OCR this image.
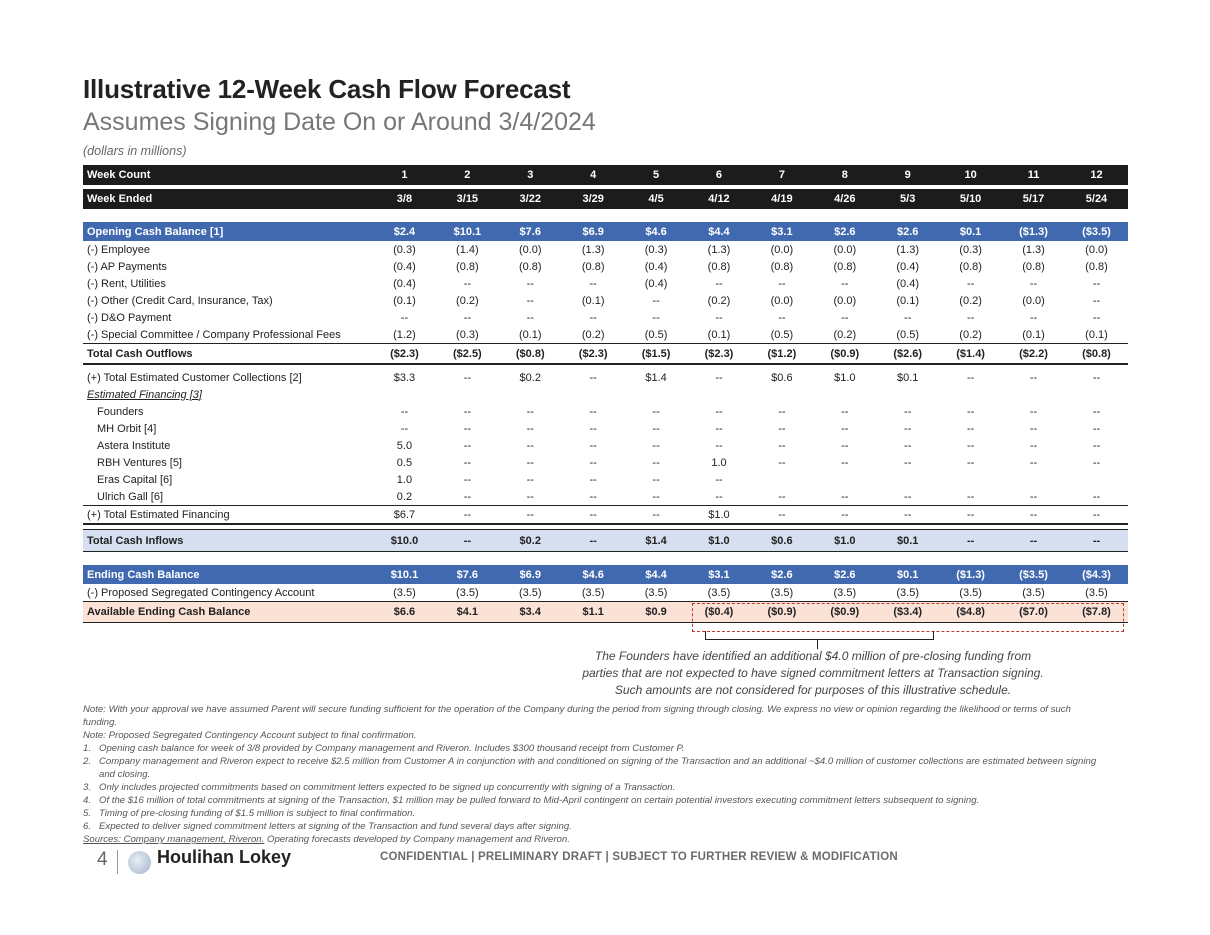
Illustrative 12-Week Cash Flow Forecast
Assumes Signing Date On or Around 3/4/2024
(dollars in millions)
Week Count	1	2	3	4	5	6	7	8	9	10	11	12

Week Ended	3/8	3/15	3/22	3/29	4/5	4/12	4/19	4/26	5/3	5/10	5/17	5/24

Opening Cash Balance [1]	$2.4	$10.1	$7.6	$6.9	$4.6	$4.4	$3.1	$2.6	$2.6	$0.1	($1.3)	($3.5)
(-) Employee	(0.3)	(1.4)	(0.0)	(1.3)	(0.3)	(1.3)	(0.0)	(0.0)	(1.3)	(0.3)	(1.3)	(0.0)
(-) AP Payments	(0.4)	(0.8)	(0.8)	(0.8)	(0.4)	(0.8)	(0.8)	(0.8)	(0.4)	(0.8)	(0.8)	(0.8)
(-) Rent, Utilities	(0.4)	--	--	--	(0.4)	--	--	--	(0.4)	--	--	--
(-) Other (Credit Card, Insurance, Tax)	(0.1)	(0.2)	--	(0.1)	--	(0.2)	(0.0)	(0.0)	(0.1)	(0.2)	(0.0)	--
(-) D&O Payment	--	--	--	--	--	--	--	--	--	--	--	--
(-) Special Committee / Company Professional Fees	(1.2)	(0.3)	(0.1)	(0.2)	(0.5)	(0.1)	(0.5)	(0.2)	(0.5)	(0.2)	(0.1)	(0.1)
Total Cash Outflows	($2.3)	($2.5)	($0.8)	($2.3)	($1.5)	($2.3)	($1.2)	($0.9)	($2.6)	($1.4)	($2.2)	($0.8)

(+) Total Estimated Customer Collections [2]	$3.3	--	$0.2	--	$1.4	--	$0.6	$1.0	$0.1	--	--	--
Estimated Financing [3]												
Founders	--	--	--	--	--	--	--	--	--	--	--	--
MH Orbit [4]	--	--	--	--	--	--	--	--	--	--	--	--
Astera Institute	5.0	--	--	--	--	--	--	--	--	--	--	--
RBH Ventures [5]	0.5	--	--	--	--	1.0	--	--	--	--	--	--
Eras Capital [6]	1.0	--	--	--	--	--						
Ulrich Gall [6]	0.2	--	--	--	--	--	--	--	--	--	--	--
(+) Total Estimated Financing	$6.7	--	--	--	--	$1.0	--	--	--	--	--	--

Total Cash Inflows	$10.0	--	$0.2	--	$1.4	$1.0	$0.6	$1.0	$0.1	--	--	--

Ending Cash Balance	$10.1	$7.6	$6.9	$4.6	$4.4	$3.1	$2.6	$2.6	$0.1	($1.3)	($3.5)	($4.3)
(-) Proposed Segregated Contingency Account	(3.5)	(3.5)	(3.5)	(3.5)	(3.5)	(3.5)	(3.5)	(3.5)	(3.5)	(3.5)	(3.5)	(3.5)
Available Ending Cash Balance	$6.6	$4.1	$3.4	$1.1	$0.9	($0.4)	($0.9)	($0.9)	($3.4)	($4.8)	($7.0)	($7.8)
The Founders have identified an additional $4.0 million of pre-closing funding from
parties that are not expected to have signed commitment letters at Transaction signing.
Such amounts are not considered for purposes of this illustrative schedule.

Note: With your approval we have assumed Parent will secure funding sufficient for the operation of the Company during the period from signing through closing. We express no view or opinion regarding the likelihood or terms of such funding.

Note: Proposed Segregated Contingency Account subject to final confirmation.

1. Opening cash balance for week of 3/8 provided by Company management and Riveron. Includes $300 thousand receipt from Customer P.
2. Company management and Riveron expect to receive $2.5 million from Customer A in conjunction with and conditioned on signing of the Transaction and an additional ~$4.0 million of customer collections are estimated between signing and closing.
3. Only includes projected commitments based on commitment letters expected to be signed up concurrently with signing of a Transaction.
4. Of the $16 million of total commitments at signing of the Transaction, $1 million may be pulled forward to Mid-April contingent on certain potential investors executing commitment letters subsequent to signing.
5. Timing of pre-closing funding of $1.5 million is subject to final confirmation.
6. Expected to deliver signed commitment letters at signing of the Transaction and fund several days after signing.

Sources: Company management, Riveron. Operating forecasts developed by Company management and Riveron.

4	Houlihan Lokey	CONFIDENTIAL | PRELIMINARY DRAFT | SUBJECT TO FURTHER REVIEW & MODIFICATION
